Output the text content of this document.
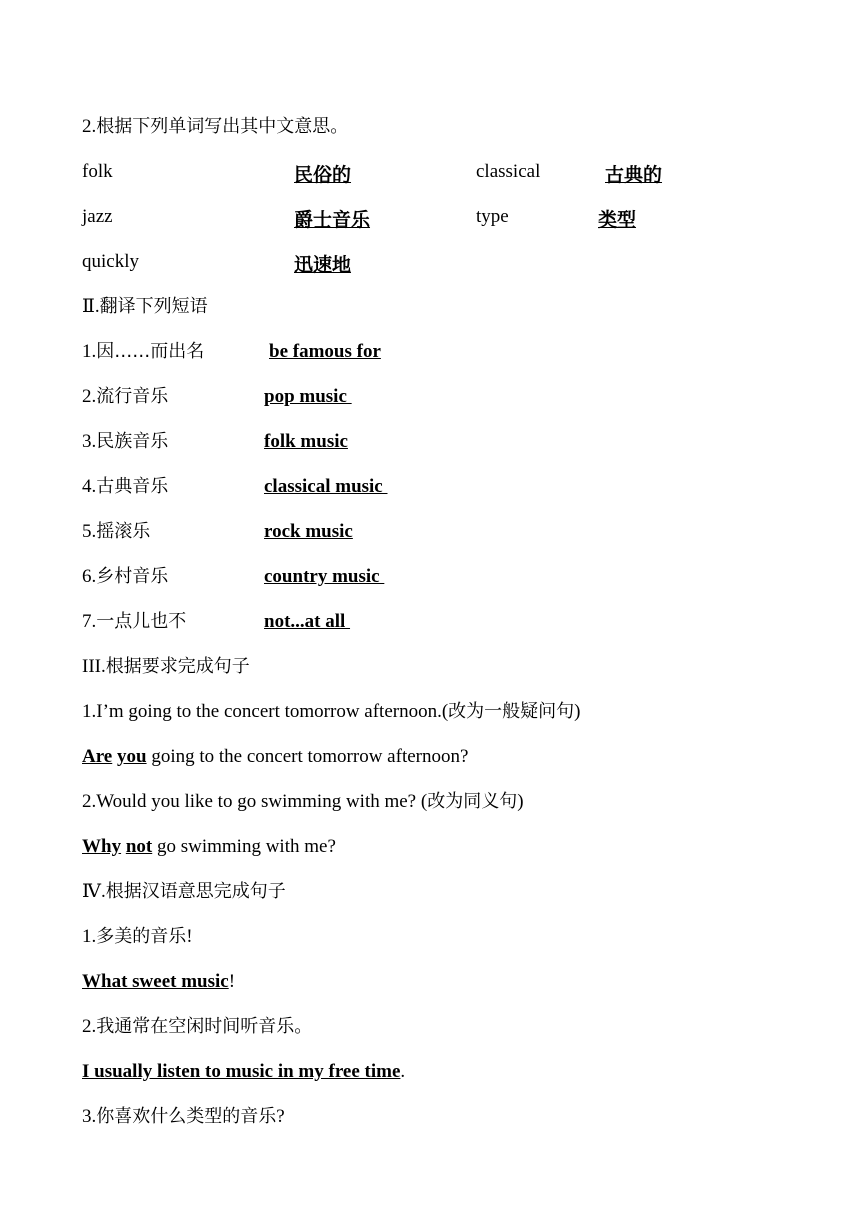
2.根据下列单词写出其中文意思。
folk	民俗的	classical	古典的
jazz	爵士音乐	type	类型
quickly	迅速地
Ⅱ.翻译下列短语
1.因……而出名	be famous for
2.流行音乐	pop music
3.民族音乐	folk music
4.古典音乐	classical music
5.摇滚乐	rock music
6.乡村音乐	country music
7.一点儿也不	not...at all
III.根据要求完成句子
1.I’m going to the concert tomorrow afternoon.(改为一般疑问句)
Are you going to the concert tomorrow afternoon?
2.Would you like to go swimming with me? (改为同义句)
Why not go swimming with me?
Ⅳ.根据汉语意思完成句子
1.多美的音乐!
What sweet music!
2.我通常在空闲时间听音乐。
I usually listen to music in my free time.
3.你喜欢什么类型的音乐?
